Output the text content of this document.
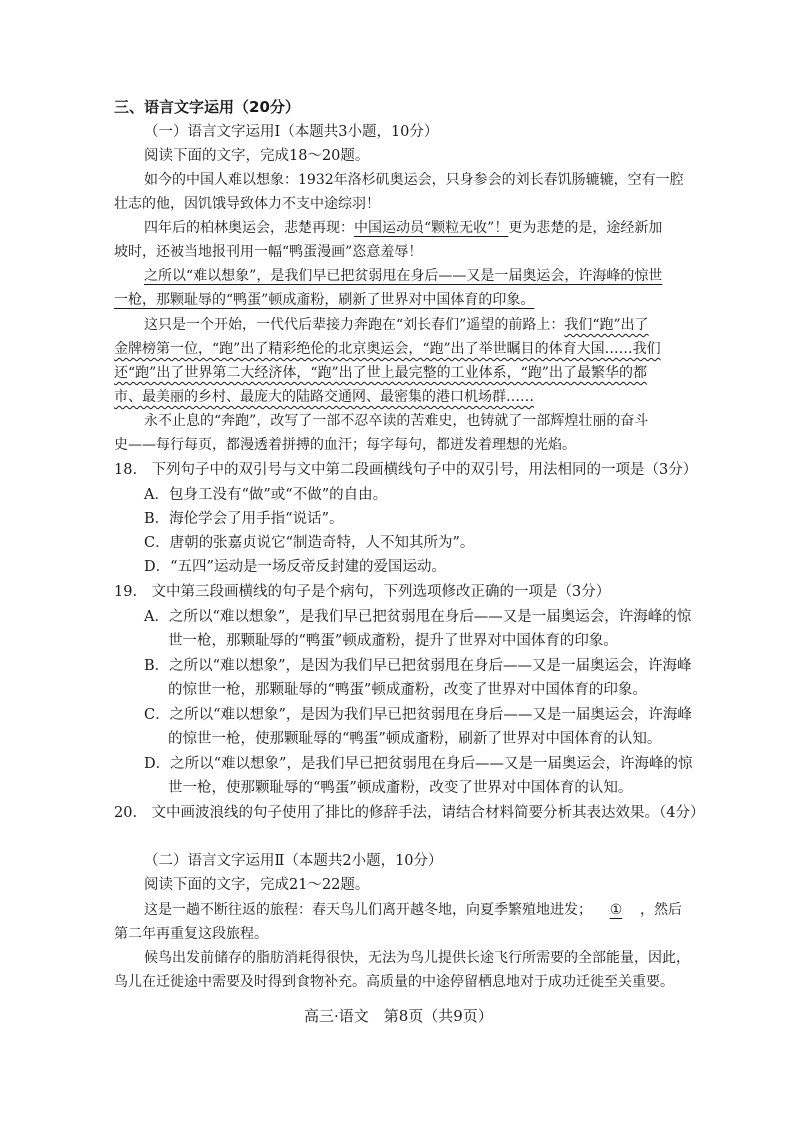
三、语言文字运用（20分）
（一）语言文字运用Ⅰ（本题共3小题，10分）
阅读下面的文字，完成18～20题。
如今的中国人难以想象：1932年洛杉矶奥运会，只身参会的刘长春饥肠辘辘，空有一腔
壮志的他，因饥饿导致体力不支中途综羽！
四年后的柏林奥运会，悲楚再现：中国运动员“颗粒无收”！更为悲楚的是，途经新加
坡时，还被当地报刊用一幅“鸭蛋漫画”恣意羞辱！
之所以“难以想象”，是我们早已把贫弱甩在身后——又是一届奥运会，许海峰的惊世
一枪，那颗耻辱的“鸭蛋”顿成齑粉，刷新了世界对中国体育的印象。
这只是一个开始，一代代后辈接力奔跑在“刘长春们”遥望的前路上：我们“跑”出了
金牌榜第一位，“跑”出了精彩绝伦的北京奥运会，“跑”出了举世瞩目的体育大国……我们
还“跑”出了世界第二大经济体，“跑”出了世上最完整的工业体系，“跑”出了最繁华的都
市、最美丽的乡村、最庞大的陆路交通网、最密集的港口机场群……
永不止息的“奔跑”，改写了一部不忍卒读的苦难史，也铸就了一部辉煌壮丽的奋斗
史——每行每页，都漫透着拼搏的血汗；每字每句，都迸发着理想的光焰。
18.　下列句子中的双引号与文中第二段画横线句子中的双引号，用法相同的一项是（3分）
A．包身工没有“做”或“不做”的自由。
B．海伦学会了用手指“说话”。
C．唐朝的张嘉贞说它“制造奇特，人不知其所为”。
D．“五四”运动是一场反帝反封建的爱国运动。
19.　文中第三段画横线的句子是个病句，下列选项修改正确的一项是（3分）
A．之所以“难以想象”，是我们早已把贫弱甩在身后——又是一届奥运会，许海峰的惊
世一枪，那颗耻辱的“鸭蛋”顿成齑粉，提升了世界对中国体育的印象。
B．之所以“难以想象”，是因为我们早已把贫弱甩在身后——又是一届奥运会，许海峰
的惊世一枪，那颗耻辱的“鸭蛋”顿成齑粉，改变了世界对中国体育的印象。
C．之所以“难以想象”，是因为我们早已把贫弱甩在身后——又是一届奥运会，许海峰
的惊世一枪，使那颗耻辱的“鸭蛋”顿成齑粉，刷新了世界对中国体育的认知。
D．之所以“难以想象”，是我们早已把贫弱甩在身后——又是一届奥运会，许海峰的惊
世一枪，使那颗耻辱的“鸭蛋”顿成齑粉，改变了世界对中国体育的认知。
20.　文中画波浪线的句子使用了排比的修辞手法，请结合材料简要分析其表达效果。（4分）
（二）语言文字运用Ⅱ（本题共2小题，10分）
阅读下面的文字，完成21～22题。
这是一趟不断往返的旅程：春天鸟儿们离开越冬地，向夏季繁殖地进发； ① ，然后
第二年再重复这段旅程。
候鸟出发前储存的脂肪消耗得很快，无法为鸟儿提供长途飞行所需要的全部能量，因此，
鸟儿在迁徙途中需要及时得到食物补充。高质量的中途停留栖息地对于成功迁徙至关重要。
高三·语文　第8页（共9页）
